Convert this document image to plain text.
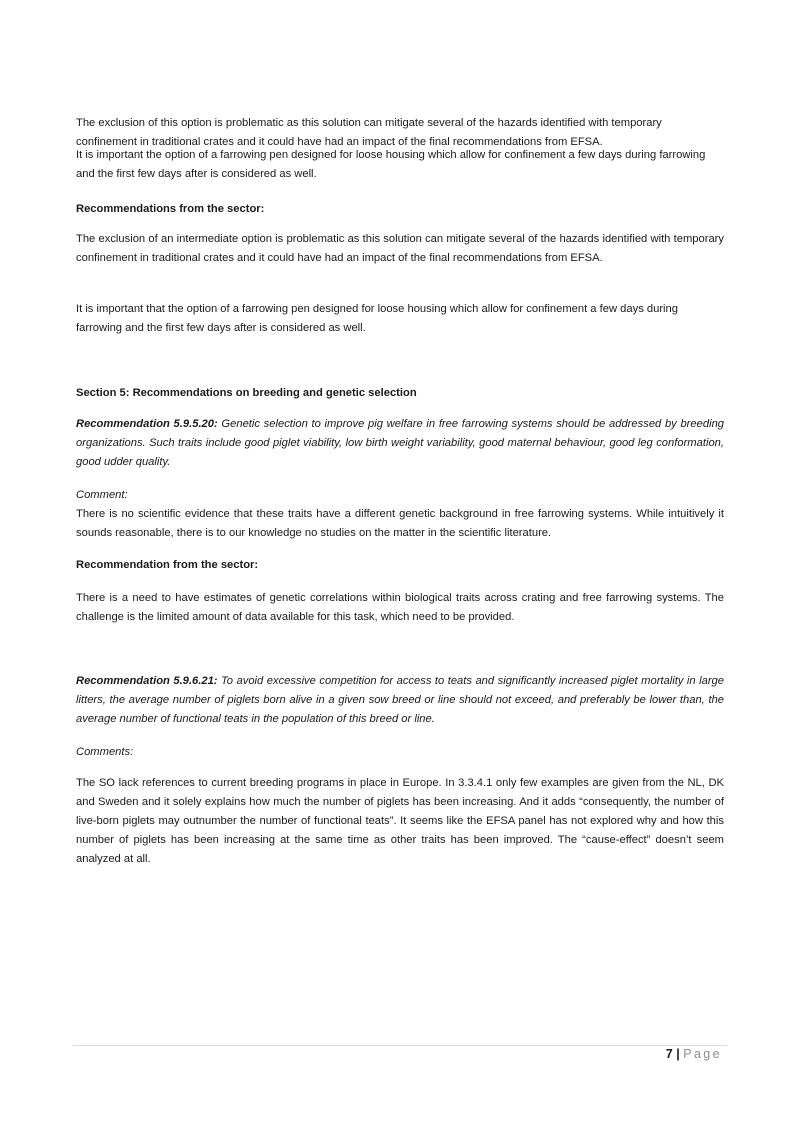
The exclusion of this option is problematic as this solution can mitigate several of the hazards identified with temporary confinement in traditional crates and it could have had an impact of the final recommendations from EFSA.

It is important the option of a farrowing pen designed for loose housing which allow for confinement a few days during farrowing and the first few days after is considered as well.

Recommendations from the sector:

The exclusion of an intermediate option is problematic as this solution can mitigate several of the hazards identified with temporary confinement in traditional crates and it could have had an impact of the final recommendations from EFSA.

It is important that the option of a farrowing pen designed for loose housing which allow for confinement a few days during farrowing and the first few days after is considered as well.

Section 5: Recommendations on breeding and genetic selection

Recommendation 5.9.5.20: Genetic selection to improve pig welfare in free farrowing systems should be addressed by breeding organizations. Such traits include good piglet viability, low birth weight variability, good maternal behaviour, good leg conformation, good udder quality.

Comment:

There is no scientific evidence that these traits have a different genetic background in free farrowing systems. While intuitively it sounds reasonable, there is to our knowledge no studies on the matter in the scientific literature.

Recommendation from the sector:

There is a need to have estimates of genetic correlations within biological traits across crating and free farrowing systems. The challenge is the limited amount of data available for this task, which need to be provided.

Recommendation 5.9.6.21: To avoid excessive competition for access to teats and significantly increased piglet mortality in large litters, the average number of piglets born alive in a given sow breed or line should not exceed, and preferably be lower than, the average number of functional teats in the population of this breed or line.

Comments:

The SO lack references to current breeding programs in place in Europe. In 3.3.4.1 only few examples are given from the NL, DK and Sweden and it solely explains how much the number of piglets has been increasing. And it adds “consequently, the number of live-born piglets may outnumber the number of functional teats”. It seems like the EFSA panel has not explored why and how this number of piglets has been increasing at the same time as other traits has been improved. The “cause-effect” doesn’t seem analyzed at all.

7 | Page
